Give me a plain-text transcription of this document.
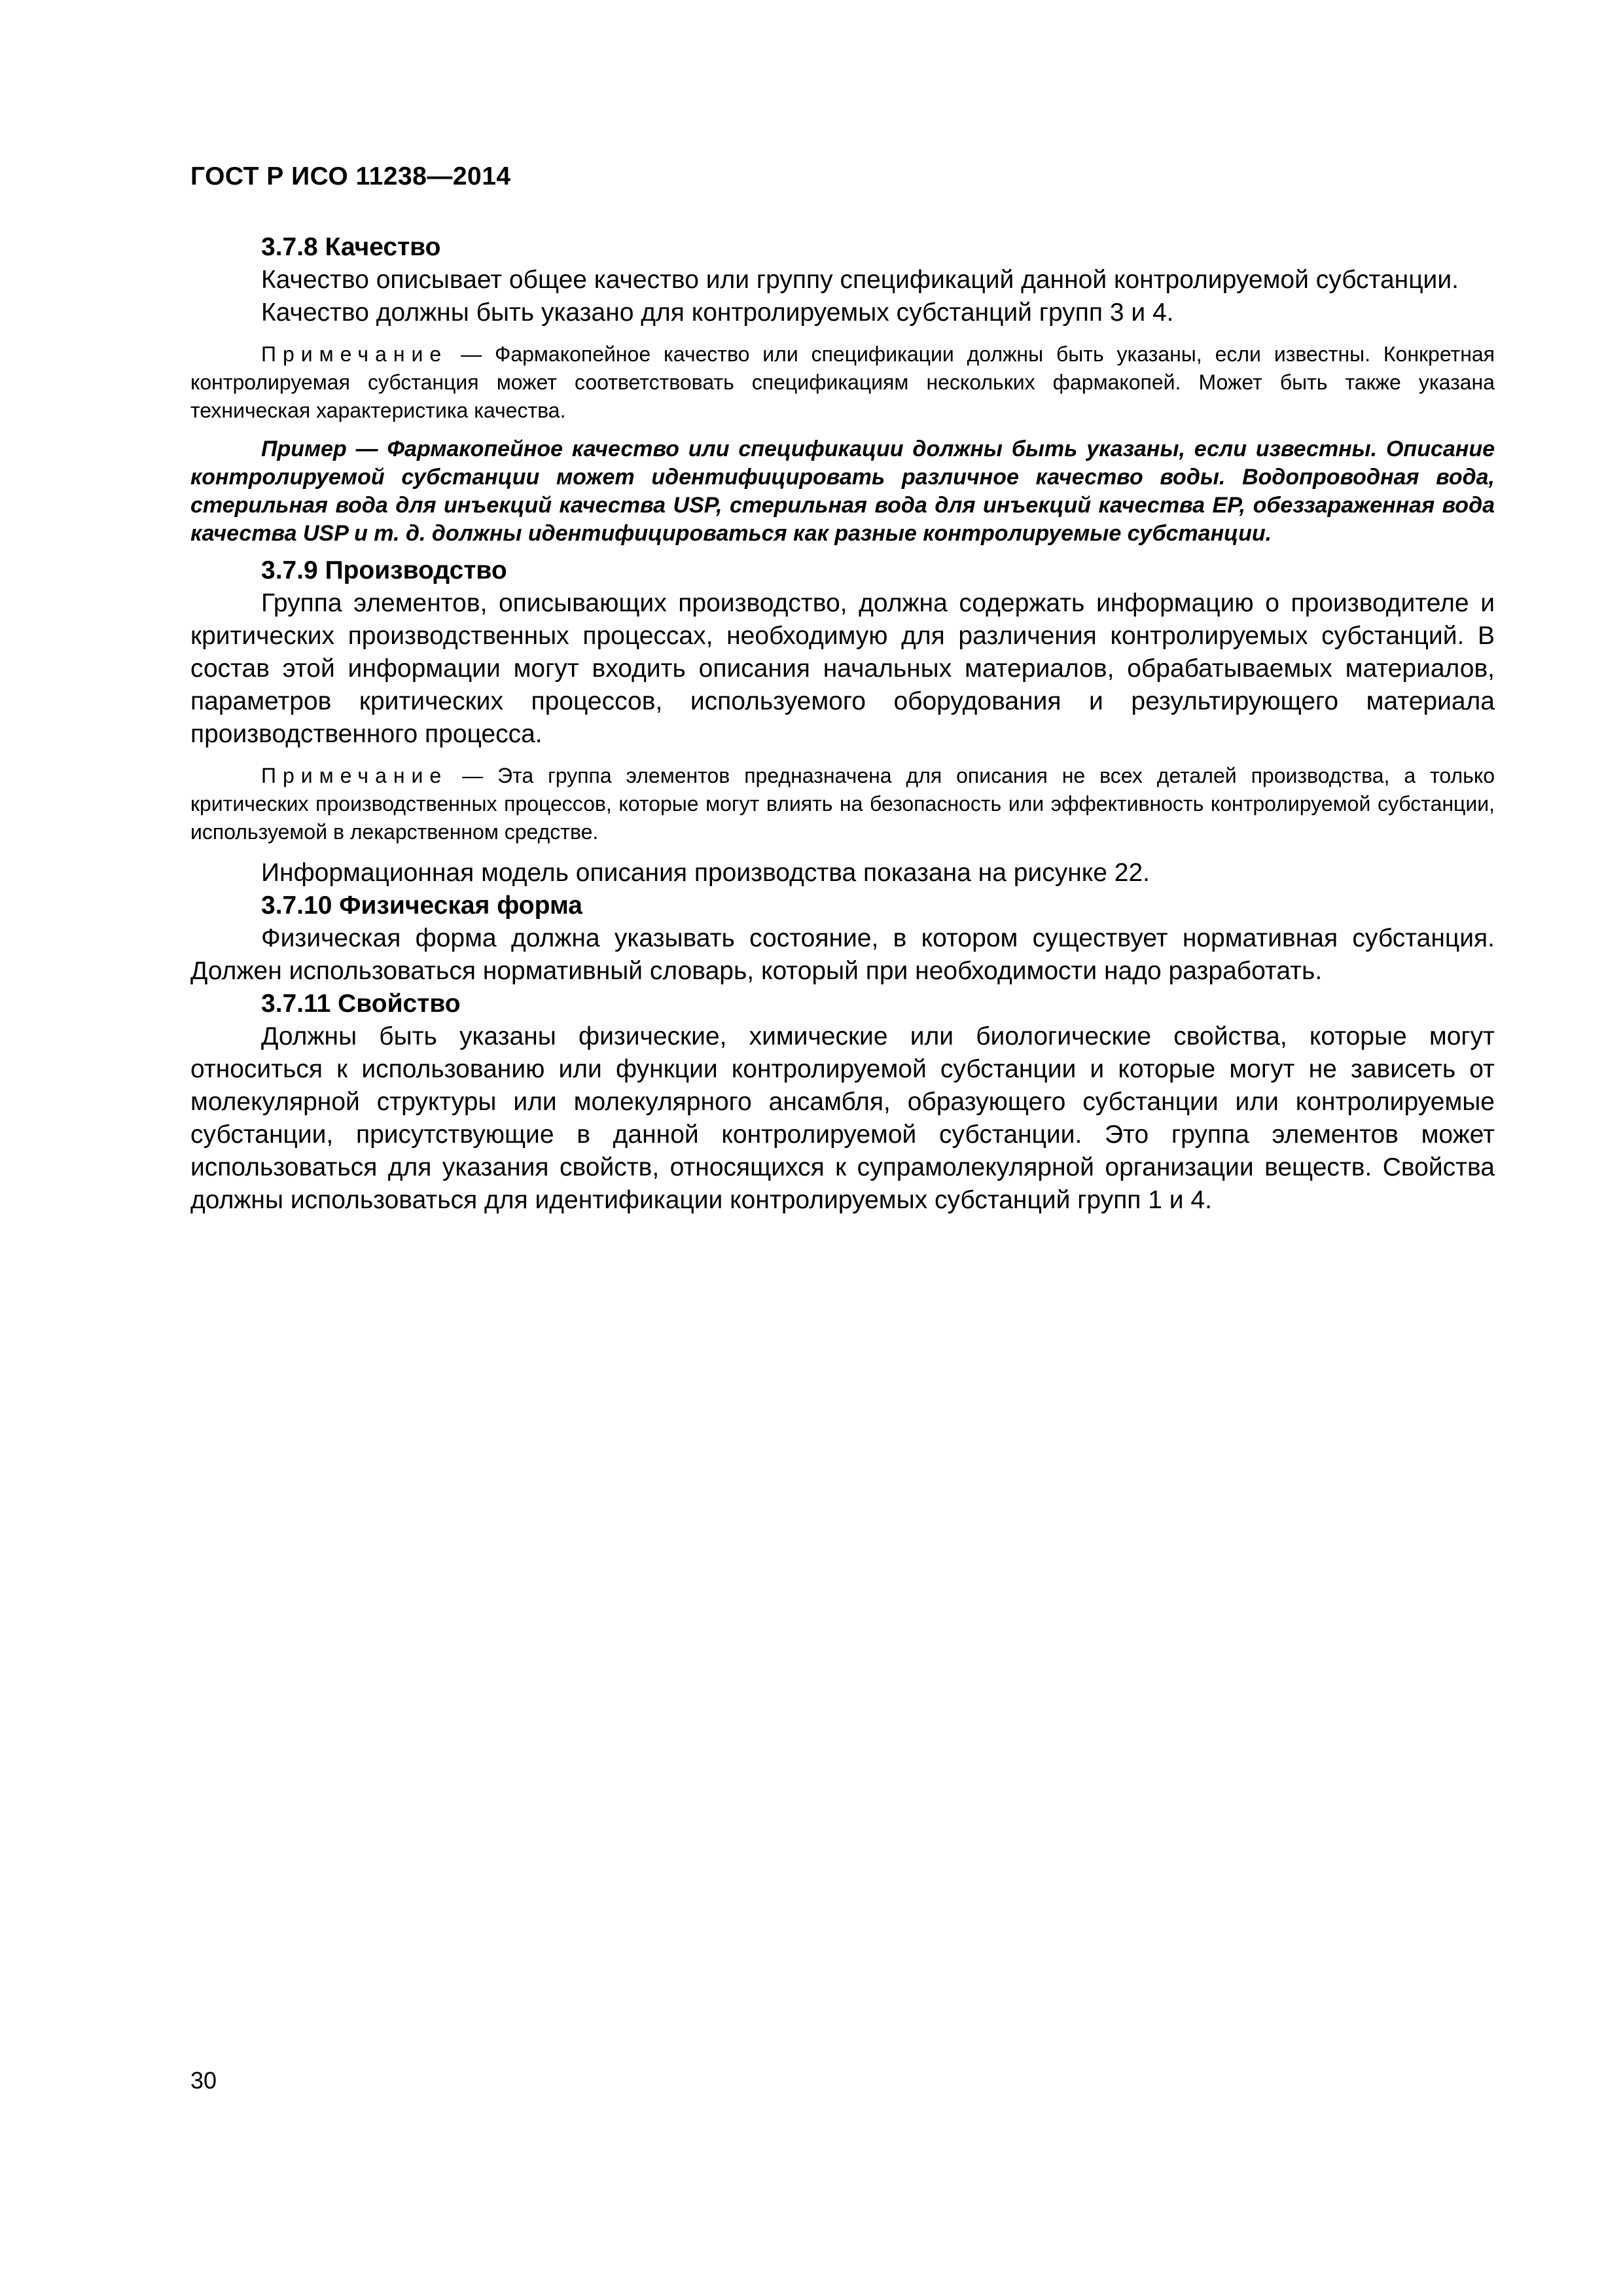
ГОСТ Р ИСО 11238—2014

3.7.8 Качество

Качество описывает общее качество или группу спецификаций данной контролируемой субстанции.

Качество должны быть указано для контролируемых субстанций групп 3 и 4.

Примечание — Фармакопейное качество или спецификации должны быть указаны, если известны. Конкретная контролируемая субстанция может соответствовать спецификациям нескольких фармакопей. Может быть также указана техническая характеристика качества.

Пример — Фармакопейное качество или спецификации должны быть указаны, если известны. Описание контролируемой субстанции может идентифицировать различное качество воды. Водопроводная вода, стерильная вода для инъекций качества USP, стерильная вода для инъекций качества ЕР, обеззараженная вода качества USP и т. д. должны идентифицироваться как разные контролируемые субстанции.

3.7.9 Производство

Группа элементов, описывающих производство, должна содержать информацию о производителе и критических производственных процессах, необходимую для различения контролируемых субстанций. В состав этой информации могут входить описания начальных материалов, обрабатываемых материалов, параметров критических процессов, используемого оборудования и результирующего материала производственного процесса.

Примечание — Эта группа элементов предназначена для описания не всех деталей производства, а только критических производственных процессов, которые могут влиять на безопасность или эффективность контролируемой субстанции, используемой в лекарственном средстве.

Информационная модель описания производства показана на рисунке 22.

3.7.10 Физическая форма

Физическая форма должна указывать состояние, в котором существует нормативная субстанция. Должен использоваться нормативный словарь, который при необходимости надо разработать.

3.7.11 Свойство

Должны быть указаны физические, химические или биологические свойства, которые могут относиться к использованию или функции контролируемой субстанции и которые могут не зависеть от молекулярной структуры или молекулярного ансамбля, образующего субстанции или контролируемые субстанции, присутствующие в данной контролируемой субстанции. Это группа элементов может использоваться для указания свойств, относящихся к супрамолекулярной организации веществ. Свойства должны использоваться для идентификации контролируемых субстанций групп 1 и 4.

30
